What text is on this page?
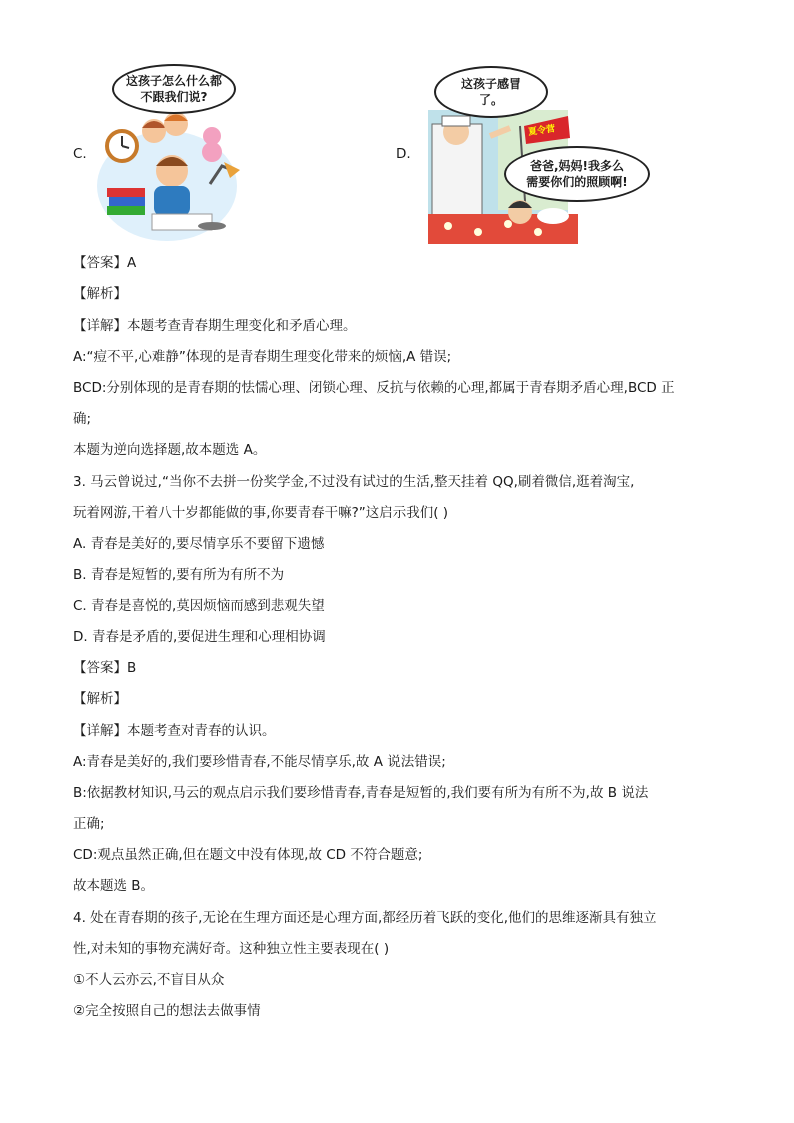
C.
这孩子怎么什么都
不跟我们说?
D.
这孩子感冒
了。
夏令营
爸爸,妈妈!我多么
需要你们的照顾啊!
【答案】A
【解析】
【详解】本题考查青春期生理变化和矛盾心理。
A:“痘不平,心难静”体现的是青春期生理变化带来的烦恼,A 错误;
BCD:分别体现的是青春期的怯懦心理、闭锁心理、反抗与依赖的心理,都属于青春期矛盾心理,BCD 正
确;
本题为逆向选择题,故本题选 A。
3. 马云曾说过,“当你不去拼一份奖学金,不过没有试过的生活,整天挂着 QQ,刷着微信,逛着淘宝,
玩着网游,干着八十岁都能做的事,你要青春干嘛?”这启示我们( )
A. 青春是美好的,要尽情享乐不要留下遗憾
B. 青春是短暂的,要有所为有所不为
C. 青春是喜悦的,莫因烦恼而感到悲观失望
D. 青春是矛盾的,要促进生理和心理相协调
【答案】B
【解析】
【详解】本题考查对青春的认识。
A:青春是美好的,我们要珍惜青春,不能尽情享乐,故 A 说法错误;
B:依据教材知识,马云的观点启示我们要珍惜青春,青春是短暂的,我们要有所为有所不为,故 B 说法
正确;
CD:观点虽然正确,但在题文中没有体现,故 CD 不符合题意;
故本题选 B。
4. 处在青春期的孩子,无论在生理方面还是心理方面,都经历着飞跃的变化,他们的思维逐渐具有独立
性,对未知的事物充满好奇。这种独立性主要表现在( )
①不人云亦云,不盲目从众
②完全按照自己的想法去做事情
